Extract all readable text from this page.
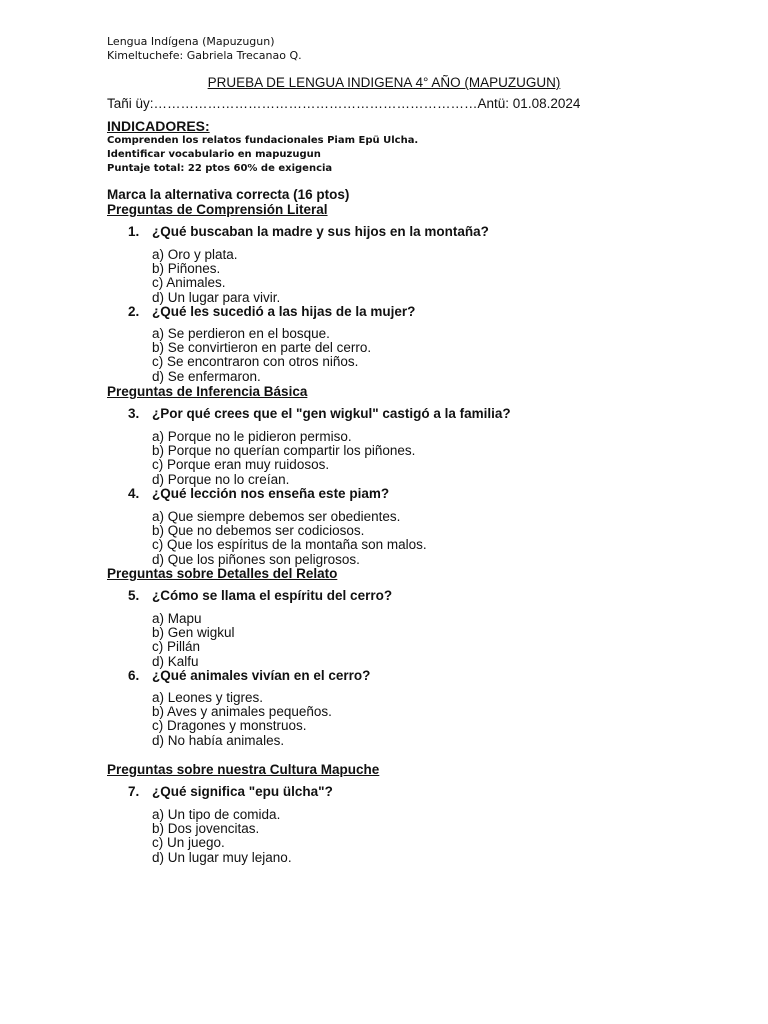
Lengua Indígena (Mapuzugun)
Kimeltuchefe: Gabriela Trecanao Q.
PRUEBA DE LENGUA INDIGENA 4° AÑO (MAPUZUGUN)
Tañi üy:………………………………………………………………Antü: 01.08.2024
INDICADORES:
Comprenden los relatos fundacionales Piam Epü Ulcha.
Identificar vocabulario en mapuzugun
Puntaje total: 22 ptos 60% de exigencia
Marca la alternativa correcta (16 ptos)
Preguntas de Comprensión Literal
1. ¿Qué buscaban la madre y sus hijos en la montaña?
a) Oro y plata.
b) Piñones.
c) Animales.
d) Un lugar para vivir.
2. ¿Qué les sucedió a las hijas de la mujer?
a) Se perdieron en el bosque.
b) Se convirtieron en parte del cerro.
c) Se encontraron con otros niños.
d) Se enfermaron.
Preguntas de Inferencia Básica
3. ¿Por qué crees que el "gen wigkul" castigó a la familia?
a) Porque no le pidieron permiso.
b) Porque no querían compartir los piñones.
c) Porque eran muy ruidosos.
d) Porque no lo creían.
4. ¿Qué lección nos enseña este piam?
a) Que siempre debemos ser obedientes.
b) Que no debemos ser codiciosos.
c) Que los espíritus de la montaña son malos.
d) Que los piñones son peligrosos.
Preguntas sobre Detalles del Relato
5. ¿Cómo se llama el espíritu del cerro?
a) Mapu
b) Gen wigkul
c) Pillán
d) Kalfu
6. ¿Qué animales vivían en el cerro?
a) Leones y tigres.
b) Aves y animales pequeños.
c) Dragones y monstruos.
d) No había animales.
Preguntas sobre nuestra Cultura Mapuche
7. ¿Qué significa "epu ülcha"?
a) Un tipo de comida.
b) Dos jovencitas.
c) Un juego.
d) Un lugar muy lejano.
